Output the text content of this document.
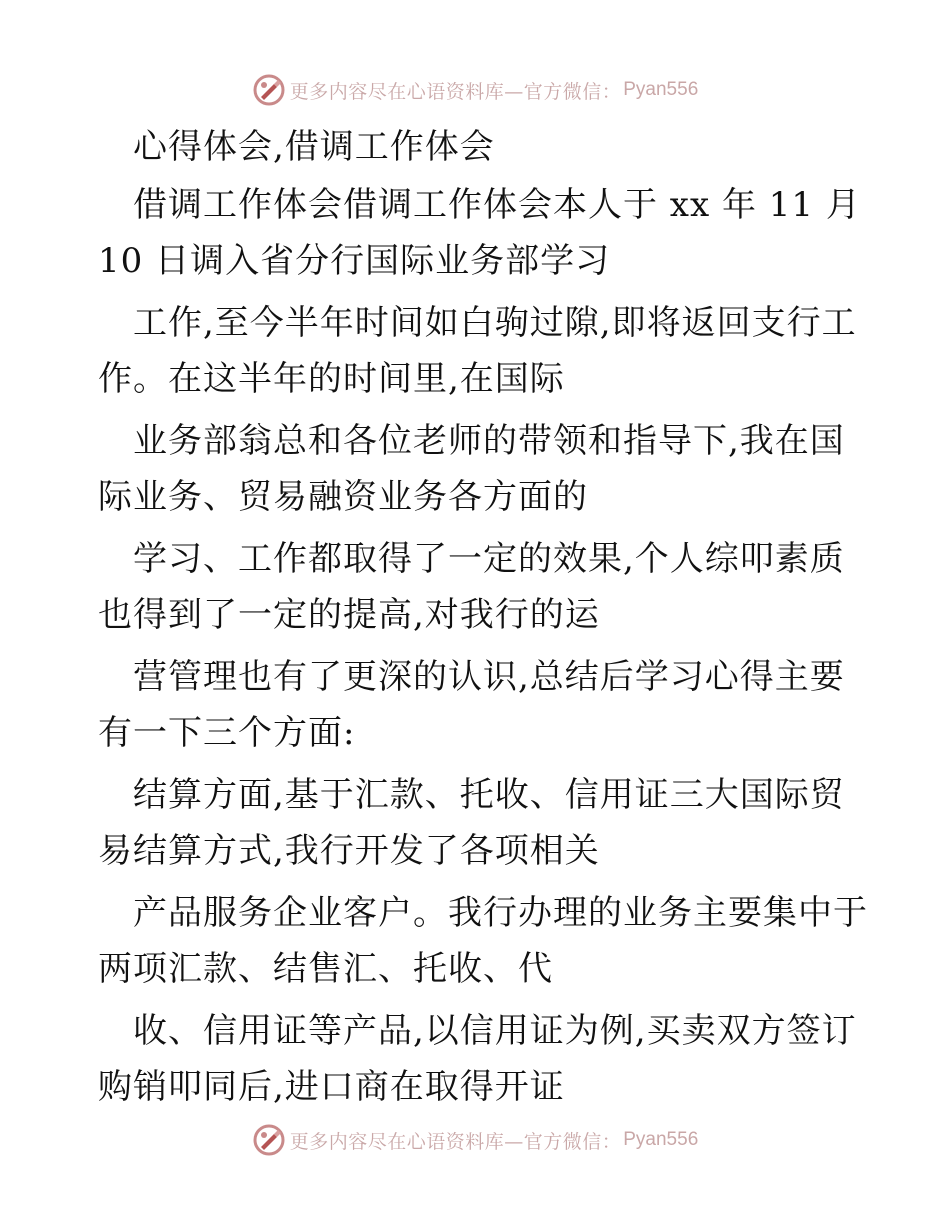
更多内容尽在心语资料库—官方微信： Pyan556
心得体会,借调工作体会
借调工作体会借调工作体会本人于 xx 年 11 月
10 日调入省分行国际业务部学习
工作,至今半年时间如白驹过隙,即将返回支行工
作。在这半年的时间里,在国际
业务部翁总和各位老师的带领和指导下,我在国
际业务、贸易融资业务各方面的
学习、工作都取得了一定的效果,个人综叩素质
也得到了一定的提高,对我行的运
营管理也有了更深的认识,总结后学习心得主要
有一下三个方面:
结算方面,基于汇款、托收、信用证三大国际贸
易结算方式,我行开发了各项相关
产品服务企业客户。我行办理的业务主要集中于
两项汇款、结售汇、托收、代
收、信用证等产品,以信用证为例,买卖双方签订
购销叩同后,进口商在取得开证
更多内容尽在心语资料库—官方微信： Pyan556
